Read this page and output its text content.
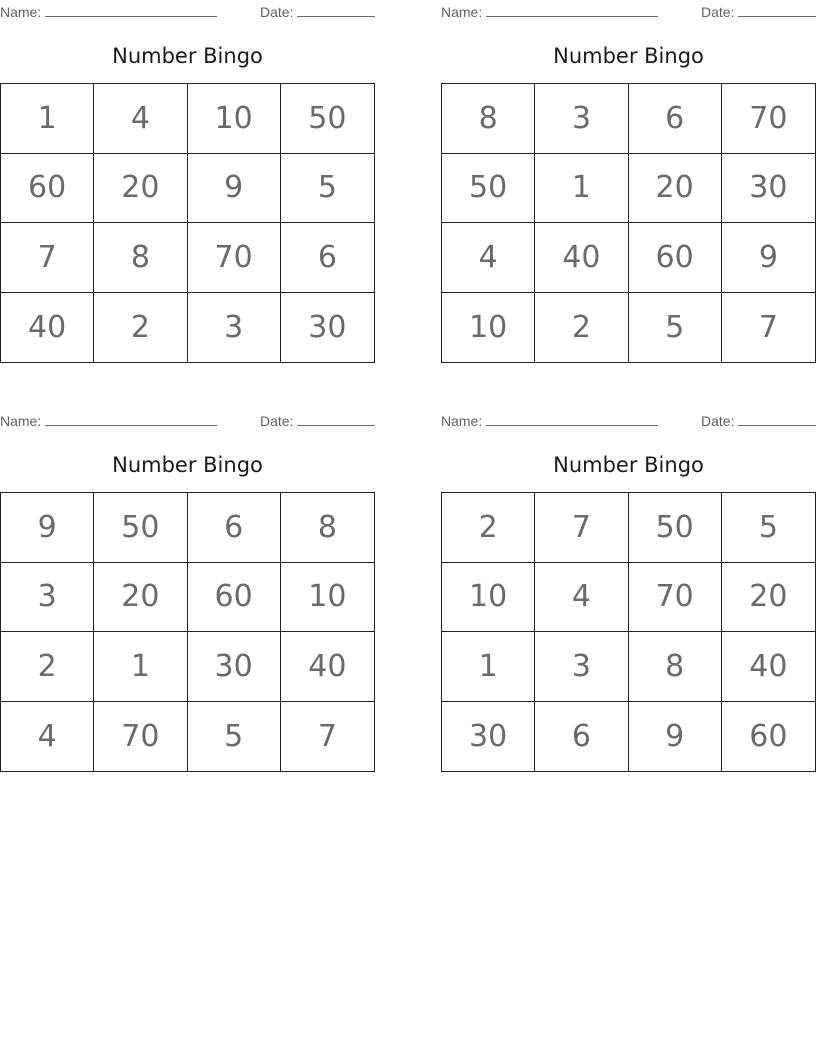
Name:	Date:
Number Bingo
1	4	10	50
60	20	9	5
7	8	70	6
40	2	3	30
Name:	Date:
Number Bingo
8	3	6	70
50	1	20	30
4	40	60	9
10	2	5	7
Name:	Date:
Number Bingo
9	50	6	8
3	20	60	10
2	1	30	40
4	70	5	7
Name:	Date:
Number Bingo
2	7	50	5
10	4	70	20
1	3	8	40
30	6	9	60
